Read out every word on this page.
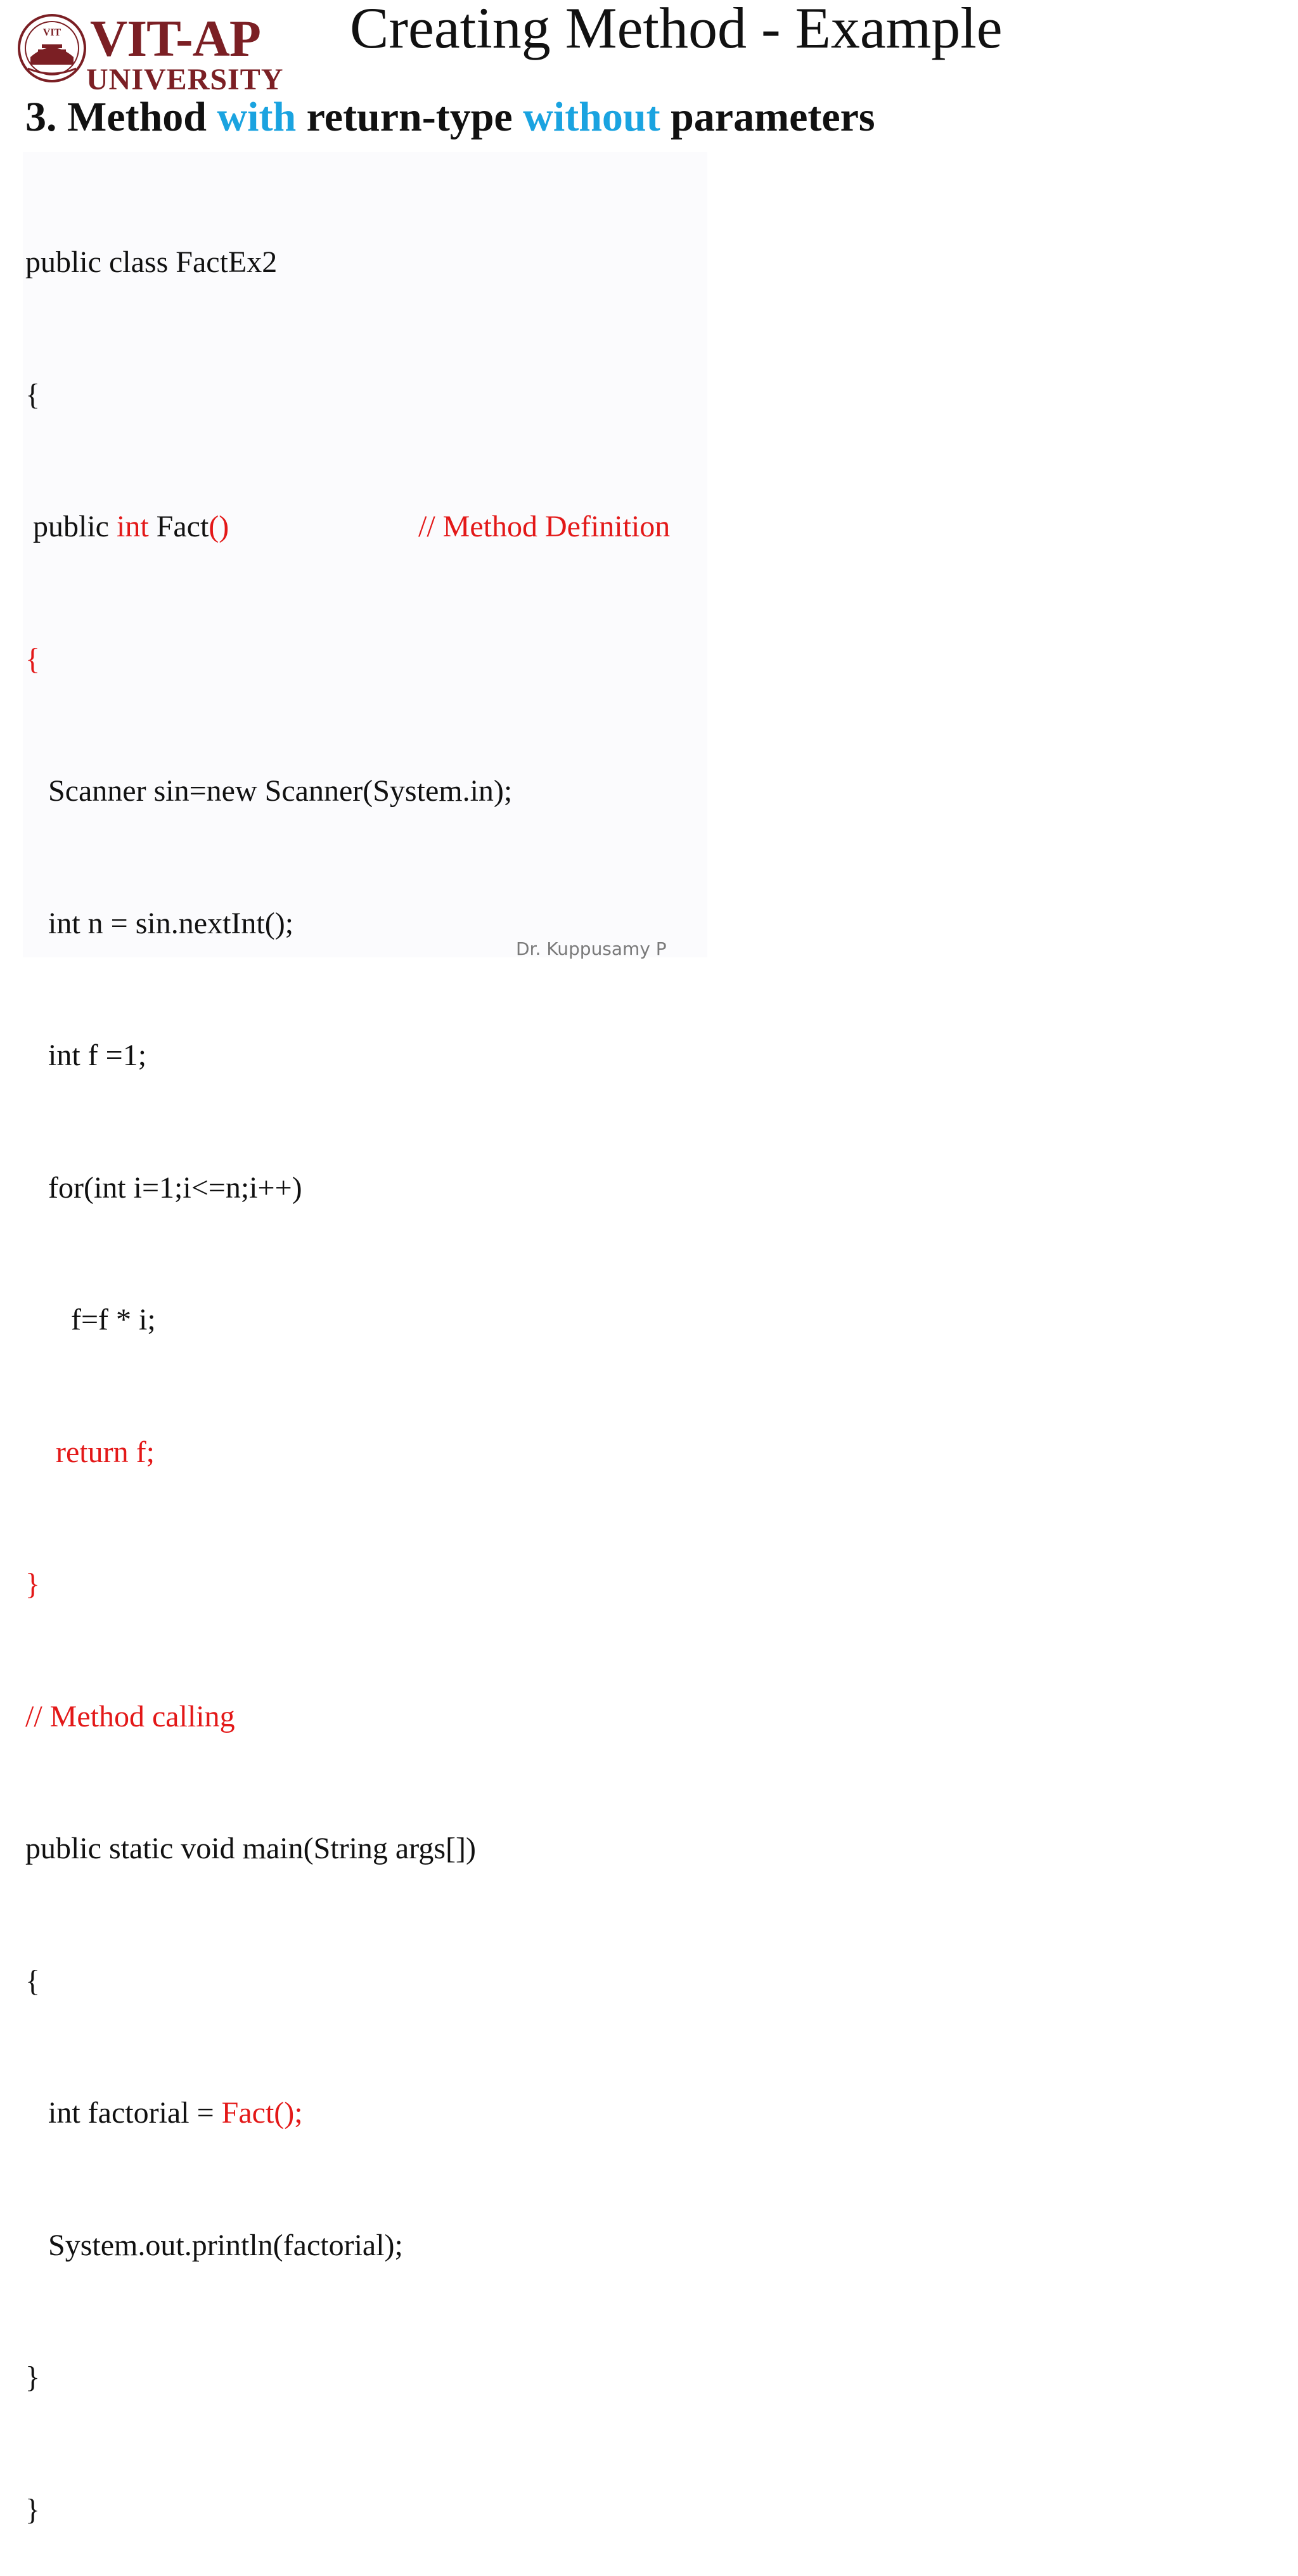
VIT VIT-AP
UNIVERSITY
Creating Method - Example
3. Method with return-type without parameters

public class FactEx2

{

public int Fact()	// Method Definition

{

Scanner sin=new Scanner(System.in);

int n = sin.nextInt();

int f =1;

for(int i=1;i<=n;i++)

f=f * i;

return f;

}

// Method calling

public static void main(String args[])

{

int factorial = Fact();

System.out.println(factorial);

}

}

Dr. Kuppusamy P
